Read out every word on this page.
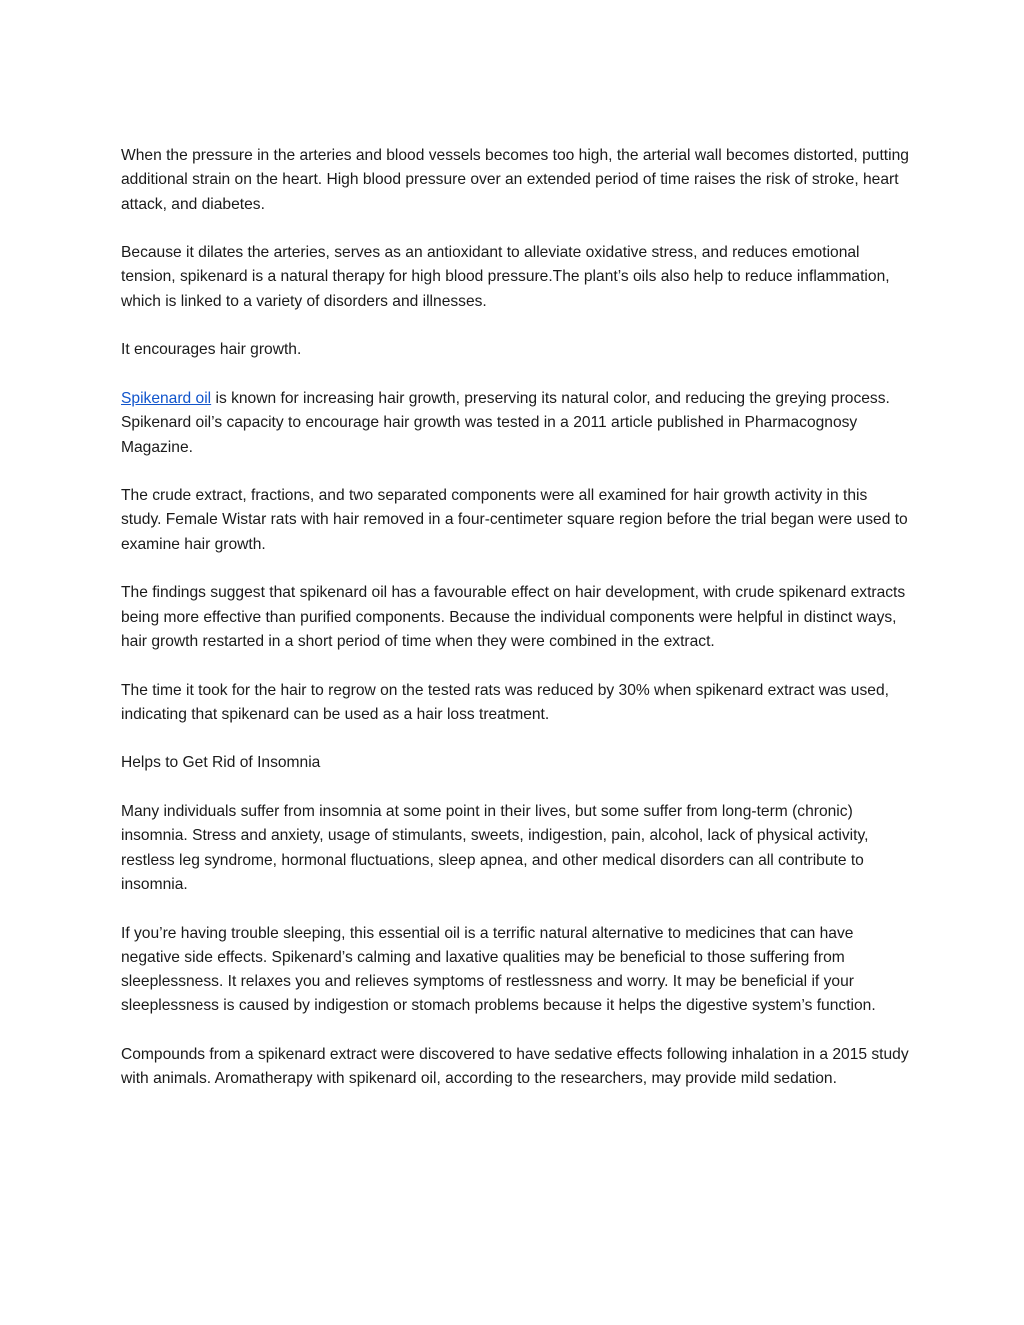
When the pressure in the arteries and blood vessels becomes too high, the arterial wall becomes distorted, putting additional strain on the heart. High blood pressure over an extended period of time raises the risk of stroke, heart attack, and diabetes.

Because it dilates the arteries, serves as an antioxidant to alleviate oxidative stress, and reduces emotional tension, spikenard is a natural therapy for high blood pressure.The plant’s oils also help to reduce inflammation, which is linked to a variety of disorders and illnesses.

It encourages hair growth.

Spikenard oil is known for increasing hair growth, preserving its natural color, and reducing the greying process. Spikenard oil’s capacity to encourage hair growth was tested in a 2011 article published in Pharmacognosy Magazine.

The crude extract, fractions, and two separated components were all examined for hair growth activity in this study. Female Wistar rats with hair removed in a four-centimeter square region before the trial began were used to examine hair growth.

The findings suggest that spikenard oil has a favourable effect on hair development, with crude spikenard extracts being more effective than purified components. Because the individual components were helpful in distinct ways, hair growth restarted in a short period of time when they were combined in the extract.

The time it took for the hair to regrow on the tested rats was reduced by 30% when spikenard extract was used, indicating that spikenard can be used as a hair loss treatment.

Helps to Get Rid of Insomnia

Many individuals suffer from insomnia at some point in their lives, but some suffer from long-term (chronic) insomnia. Stress and anxiety, usage of stimulants, sweets, indigestion, pain, alcohol, lack of physical activity, restless leg syndrome, hormonal fluctuations, sleep apnea, and other medical disorders can all contribute to insomnia.

If you’re having trouble sleeping, this essential oil is a terrific natural alternative to medicines that can have negative side effects. Spikenard’s calming and laxative qualities may be beneficial to those suffering from sleeplessness. It relaxes you and relieves symptoms of restlessness and worry. It may be beneficial if your sleeplessness is caused by indigestion or stomach problems because it helps the digestive system’s function.

Compounds from a spikenard extract were discovered to have sedative effects following inhalation in a 2015 study with animals. Aromatherapy with spikenard oil, according to the researchers, may provide mild sedation.
